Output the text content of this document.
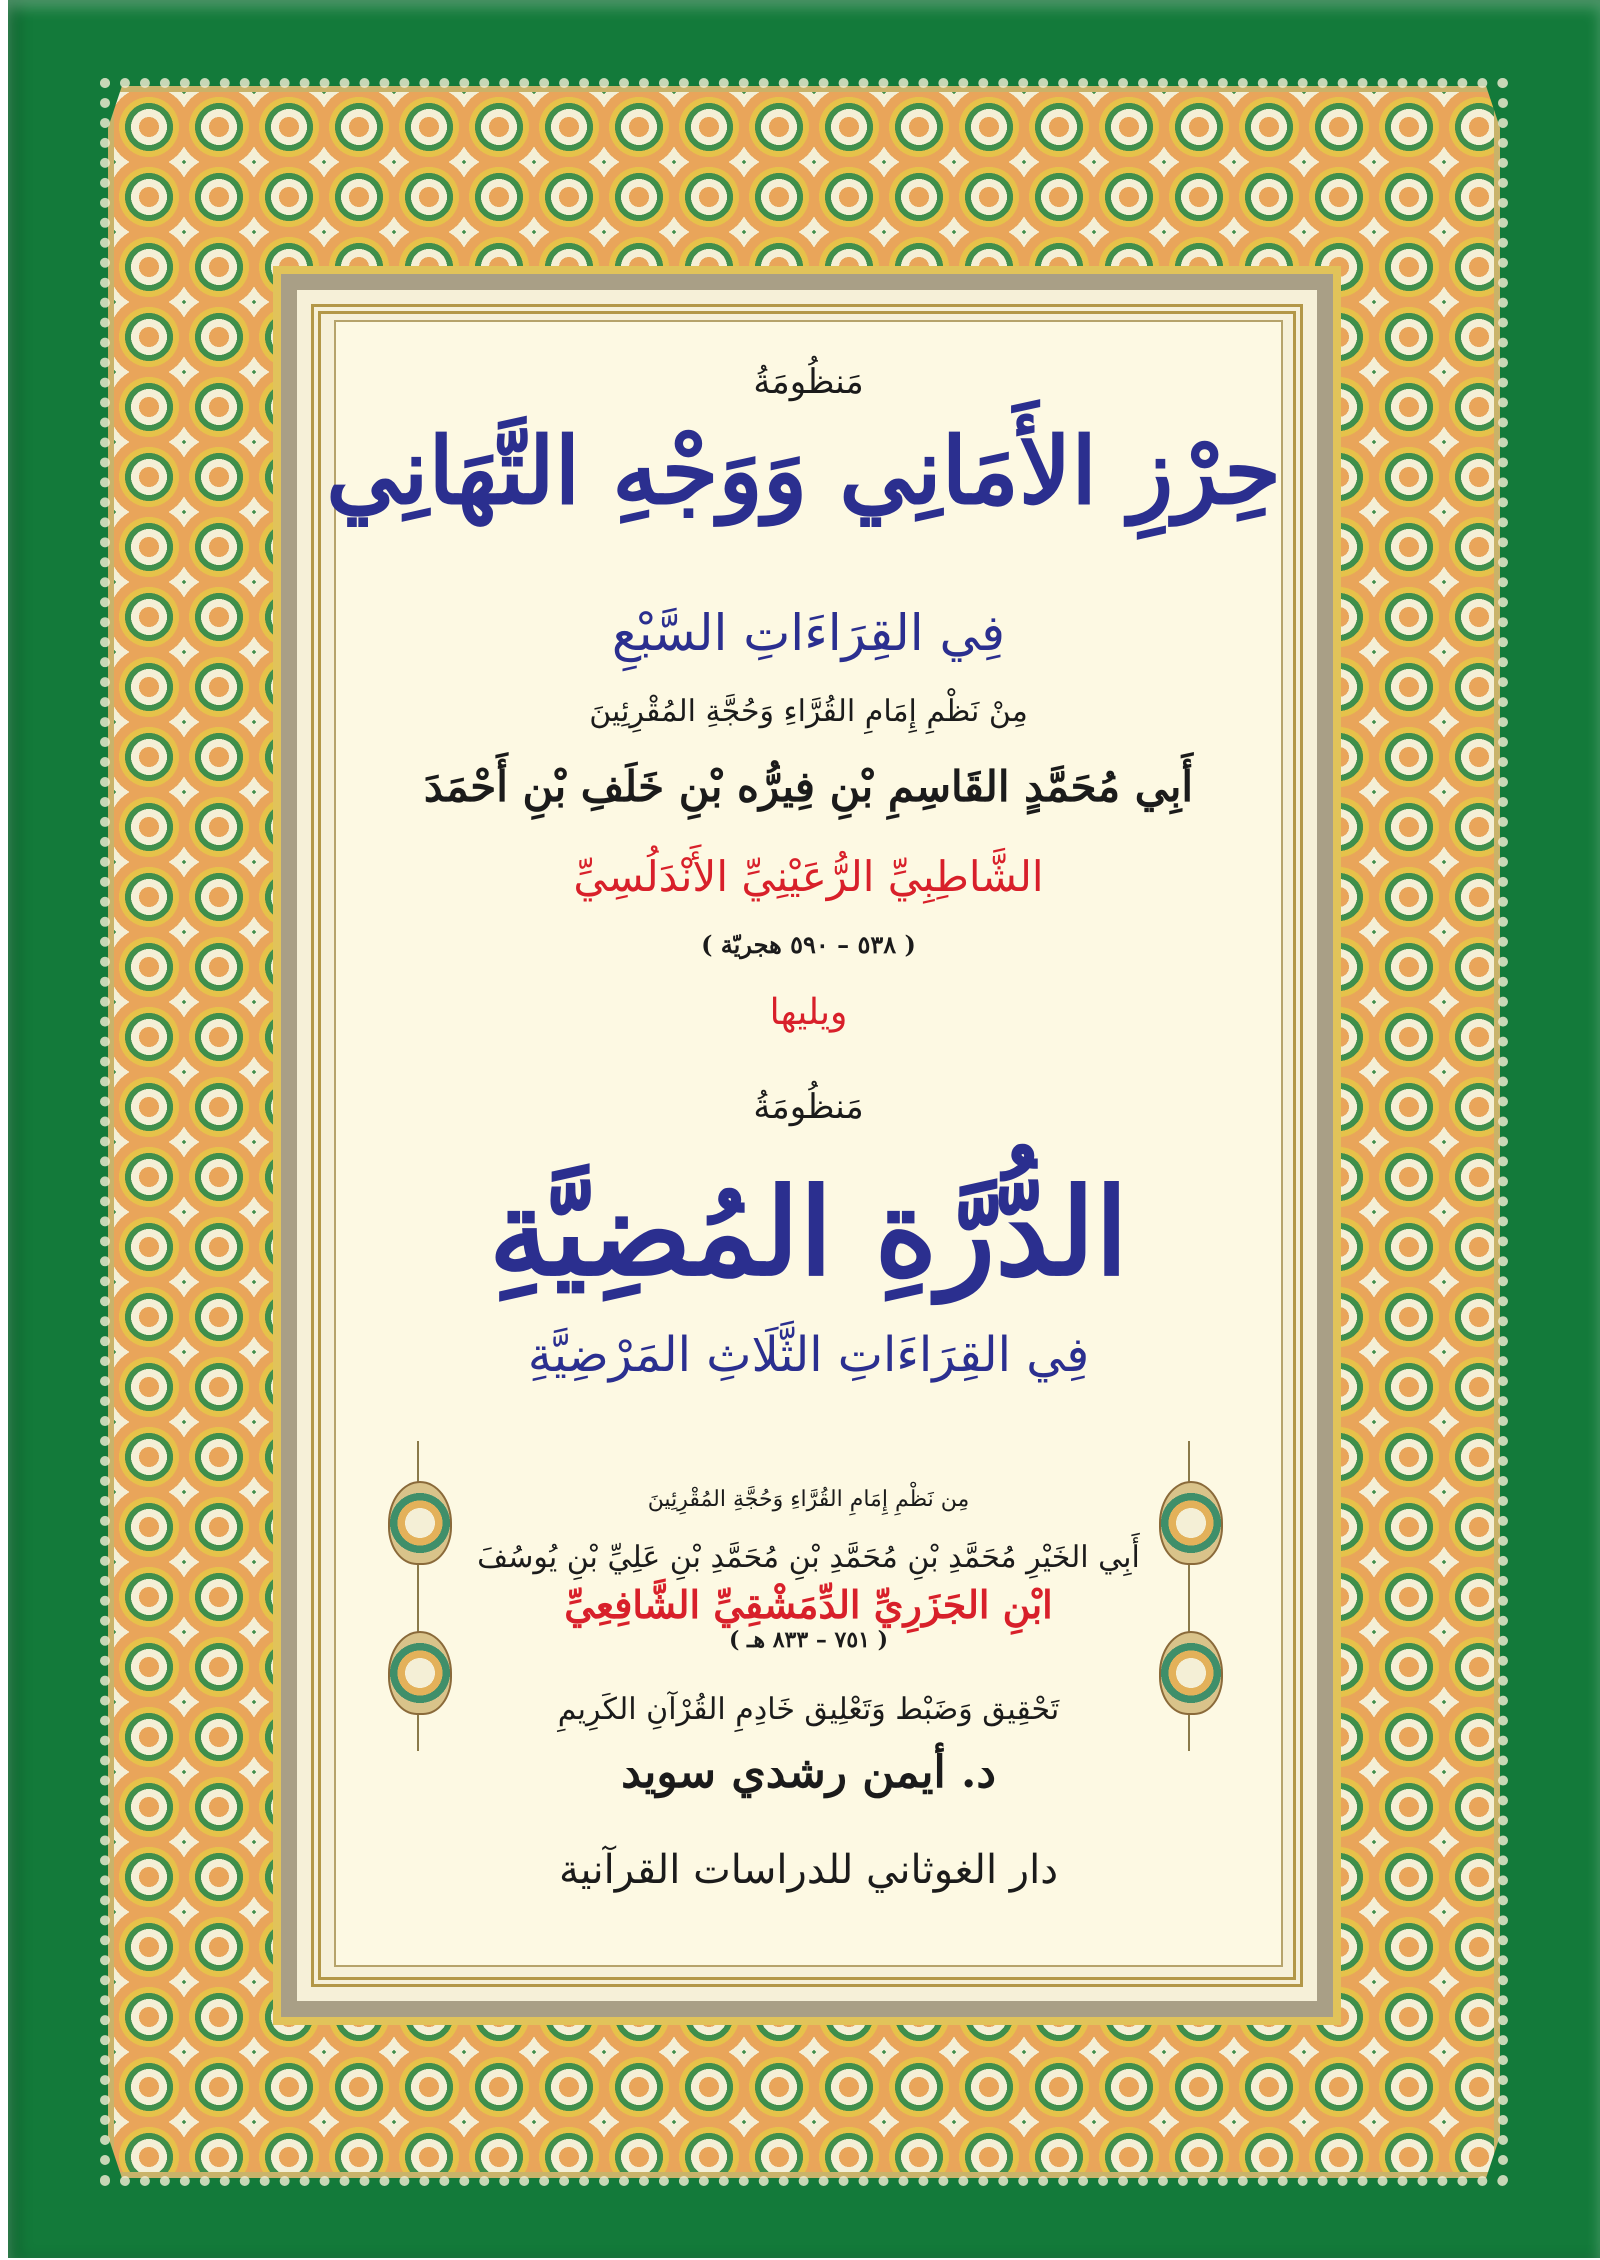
مَنظُومَةُ
حِرْزِ الأَمَانِي وَوَجْهِ التَّهَانِي
فِي القِرَاءَاتِ السَّبْعِ
مِنْ نَظْمِ إِمَامِ القُرَّاءِ وَحُجَّةِ المُقْرِئِينَ
أَبِي مُحَمَّدٍ القَاسِمِ بْنِ فِيرُّه بْنِ خَلَفِ بْنِ أَحْمَدَ
الشَّاطِبِيِّ الرُّعَيْنِيِّ الأَنْدَلُسِيِّ
( ٥٣٨ – ٥٩٠ هجريّة )
ويليها
مَنظُومَةُ
الدُّرَّةِ المُضِيَّةِ
فِي القِرَاءَاتِ الثَّلَاثِ المَرْضِيَّةِ
مِن نَظْمِ إِمَامِ القُرَّاءِ وَحُجَّةِ المُقْرِئِينَ
أَبِي الخَيْرِ مُحَمَّدِ بْنِ مُحَمَّدِ بْنِ مُحَمَّدِ بْنِ عَلِيِّ بْنِ يُوسُفَ
ابْنِ الجَزَرِيِّ الدِّمَشْقِيِّ الشَّافِعِيِّ
( ٧٥١ – ٨٣٣ هـ )
تَحْقِيق وَضَبْط وَتَعْلِيق خَادِمِ القُرْآنِ الكَرِيمِ
د. أيمن رشدي سويد
دار الغوثاني للدراسات القرآنية
